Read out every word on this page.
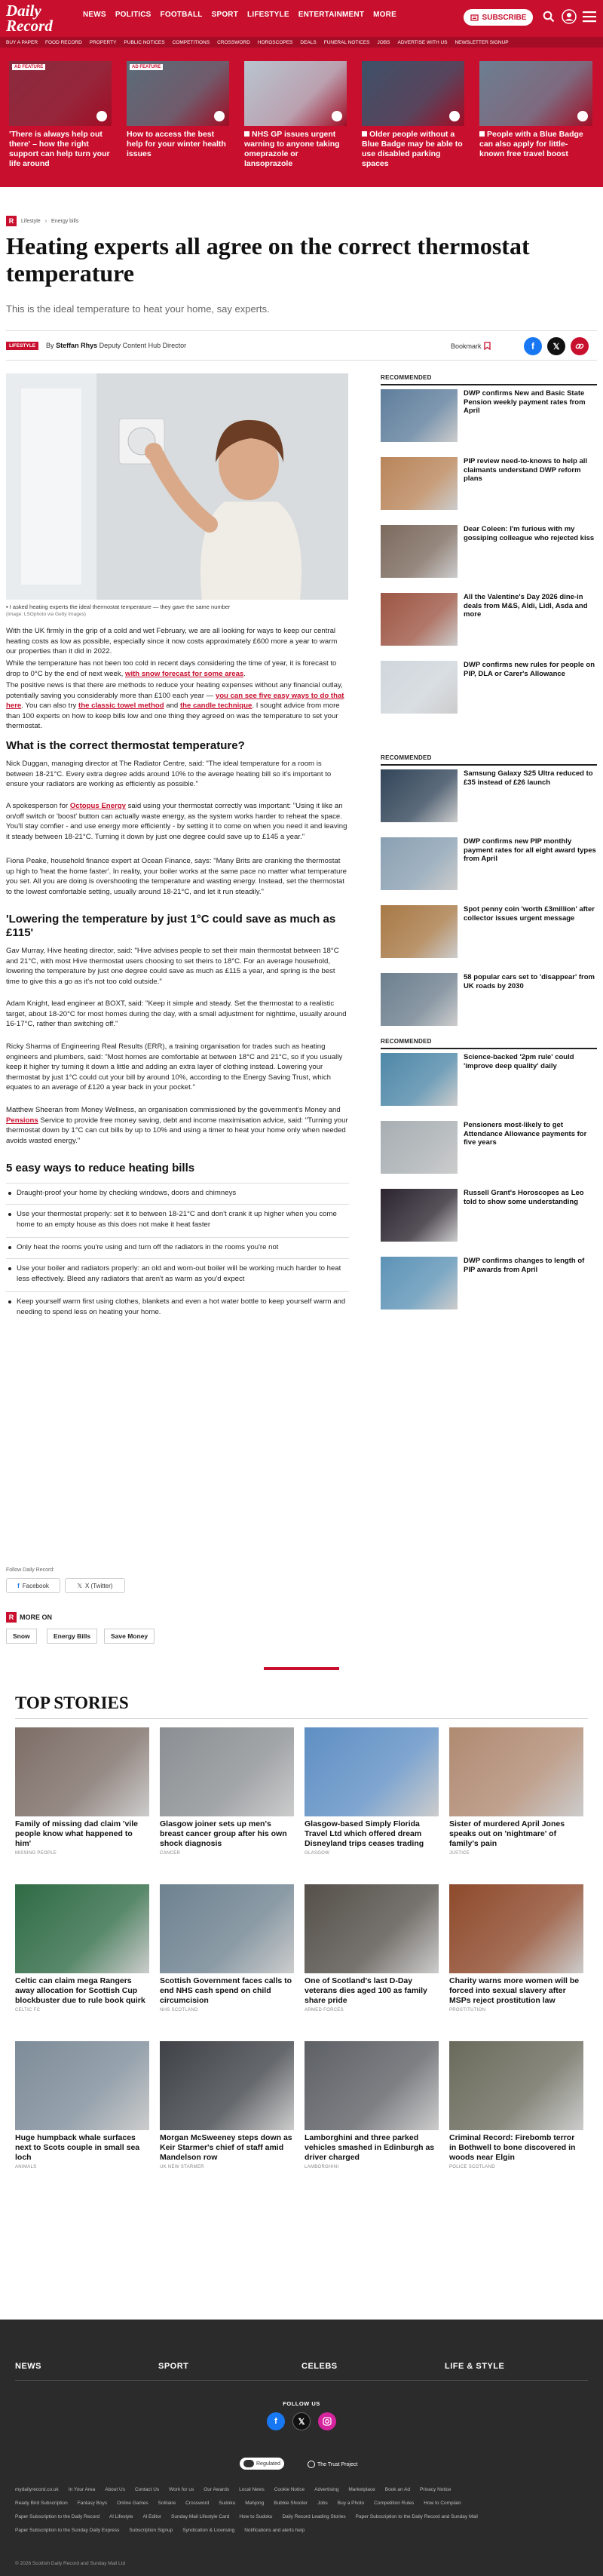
Daily
Record
NEWS POLITICS FOOTBALL SPORT LIFESTYLE ENTERTAINMENT MORE	SUBSCRIBE
BUY A PAPER FOOD RECORD PROPERTY PUBLIC NOTICES COMPETITIONS CROSSWORD HOROSCOPES DEALS FUNERAL NOTICES JOBS ADVERTISE WITH US NEWSLETTER SIGNUP
AD FEATURE
'There is always help out there' – how the right support can help turn your life around
AD FEATURE
How to access the best help for your winter health issues
NHS GP issues urgent warning to anyone taking omeprazole or lansoprazole
Older people without a Blue Badge may be able to use disabled parking spaces
People with a Blue Badge can also apply for little-known free travel boost
R	Lifestyle › Energy bills
Heating experts all agree on the correct thermostat temperature
This is the ideal temperature to heat your home, say experts.
LIFESTYLE	By Steffan Rhys Deputy Content Hub Director	Bookmark	f	𝕏
▪ I asked heating experts the ideal thermostat temperature — they gave the same number
(Image: LSOphoto via Getty Images)

With the UK firmly in the grip of a cold and wet February, we are all looking for ways to keep our central heating costs as low as possible, especially since it now costs approximately £600 more a year to warm our properties than it did in 2022.

While the temperature has not been too cold in recent days considering the time of year, it is forecast to drop to 0°C by the end of next week, with snow forecast for some areas.

The positive news is that there are methods to reduce your heating expenses without any financial outlay, potentially saving you considerably more than £100 each year — you can see five easy ways to do that here. You can also try the classic towel method and the candle technique. I sought advice from more than 100 experts on how to keep bills low and one thing they agreed on was the temperature to set your thermostat.

What is the correct thermostat temperature?

Nick Duggan, managing director at The Radiator Centre, said: "The ideal temperature for a room is between 18-21°C. Every extra degree adds around 10% to the average heating bill so it's important to ensure your radiators are working as efficiently as possible."

A spokesperson for Octopus Energy said using your thermostat correctly was important: "Using it like an on/off switch or 'boost' button can actually waste energy, as the system works harder to reheat the space. You'll stay comfier - and use energy more efficiently - by setting it to come on when you need it and leaving it steady between 18-21°C. Turning it down by just one degree could save up to £145 a year."

Fiona Peake, household finance expert at Ocean Finance, says: "Many Brits are cranking the thermostat up high to 'heat the home faster'. In reality, your boiler works at the same pace no matter what temperature you set. All you are doing is overshooting the temperature and wasting energy. Instead, set the thermostat to the lowest comfortable setting, usually around 18-21°C, and let it run steadily."

'Lowering the temperature by just 1°C could save as much as £115'

Gav Murray, Hive heating director, said: "Hive advises people to set their main thermostat between 18°C and 21°C, with most Hive thermostat users choosing to set theirs to 18°C. For an average household, lowering the temperature by just one degree could save as much as £115 a year, and spring is the best time to give this a go as it's not too cold outside."

Adam Knight, lead engineer at BOXT, said: "Keep it simple and steady. Set the thermostat to a realistic target, about 18-20°C for most homes during the day, with a small adjustment for nighttime, usually around 16-17°C, rather than switching off."

Ricky Sharma of Engineering Real Results (ERR), a training organisation for trades such as heating engineers and plumbers, said: "Most homes are comfortable at between 18°C and 21°C, so if you usually keep it higher try turning it down a little and adding an extra layer of clothing instead. Lowering your thermostat by just 1°C could cut your bill by around 10%, according to the Energy Saving Trust, which equates to an average of £120 a year back in your pocket."

Matthew Sheeran from Money Wellness, an organisation commissioned by the government's Money and Pensions Service to provide free money saving, debt and income maximisation advice, said: "Turning your thermostat down by 1°C can cut bills by up to 10% and using a timer to heat your home only when needed avoids wasted energy."

5 easy ways to reduce heating bills
Draught-proof your home by checking windows, doors and chimneys
Use your thermostat properly: set it to between 18-21°C and don't crank it up higher when you come home to an empty house as this does not make it heat faster
Only heat the rooms you're using and turn off the radiators in the rooms you're not
Use your boiler and radiators properly: an old and worn-out boiler will be working much harder to heat less effectively. Bleed any radiators that aren't as warm as you'd expect
Keep yourself warm first using clothes, blankets and even a hot water bottle to keep yourself warm and needing to spend less on heating your home.
Follow Daily Record:
f Facebook	𝕏 X (Twitter)
R MORE ON
Snow	Energy Bills	Save Money
RECOMMENDED
DWP confirms New and Basic State Pension weekly payment rates from April
PIP review need-to-knows to help all claimants understand DWP reform plans
Dear Coleen: I'm furious with my gossiping colleague who rejected kiss
All the Valentine's Day 2026 dine-in deals from M&S, Aldi, Lidl, Asda and more
DWP confirms new rules for people on PIP, DLA or Carer's Allowance
RECOMMENDED
Samsung Galaxy S25 Ultra reduced to £35 instead of £26 launch
DWP confirms new PIP monthly payment rates for all eight award types from April
Spot penny coin 'worth £3million' after collector issues urgent message
58 popular cars set to 'disappear' from UK roads by 2030
RECOMMENDED
Science-backed '2pm rule' could 'improve deep quality' daily
Pensioners most-likely to get Attendance Allowance payments for five years
Russell Grant's Horoscopes as Leo told to show some understanding
DWP confirms changes to length of PIP awards from April
TOP STORIES
Family of missing dad claim 'vile people know what happened to him'
MISSING PEOPLE
Glasgow joiner sets up men's breast cancer group after his own shock diagnosis
CANCER
Glasgow-based Simply Florida Travel Ltd which offered dream Disneyland trips ceases trading
GLASGOW
Sister of murdered April Jones speaks out on 'nightmare' of family's pain
JUSTICE
Celtic can claim mega Rangers away allocation for Scottish Cup blockbuster due to rule book quirk
CELTIC FC
Scottish Government faces calls to end NHS cash spend on child circumcision
NHS SCOTLAND
One of Scotland's last D-Day veterans dies aged 100 as family share pride
ARMED FORCES
Charity warns more women will be forced into sexual slavery after MSPs reject prostitution law
PROSTITUTION
Huge humpback whale surfaces next to Scots couple in small sea loch
ANIMALS
Morgan McSweeney steps down as Keir Starmer's chief of staff amid Mandelson row
UK NEW STARMER
Lamborghini and three parked vehicles smashed in Edinburgh as driver charged
LAMBORGHINI
Criminal Record: Firebomb terror in Bothwell to bone discovered in woods near Elgin
POLICE SCOTLAND
NEWS	SPORT	CELEBS	LIFE & STYLE
FOLLOW US
f	𝕏
Regulated	The Trust Project
mydailyrecord.co.uk In Your Area About Us Contact Us Work for us Our Awards Local News Cookie Notice Advertising Marketplace Book an Ad Privacy Notice
Ready Bird Subscription Fantasy Boys Online Games Solitaire Crossword Sudoku Mahjong Bubble Shooter Jobs Buy a Photo Competition Rules How to Complain
Paper Subscription to the Daily Record Al Lifestyle Al Editor Sunday Mail Lifestyle Card How to Sudoku Daily Record Leading Stories Paper Subscription to the Daily Record and Sunday Mail
Paper Subscription to the Sunday Daily Express Subscription Signup Syndication & Licensing Notifications and alerts help
© 2026 Scottish Daily Record and Sunday Mail Ltd
